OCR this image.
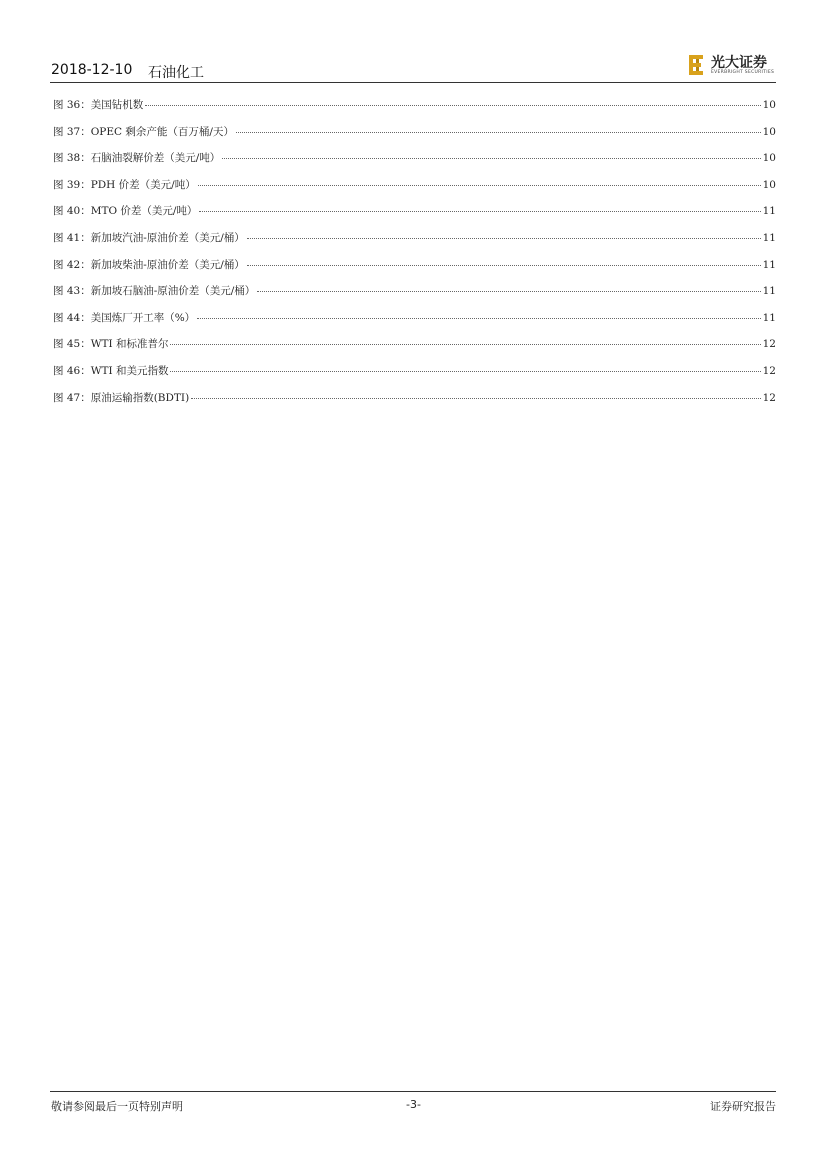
2018-12-10 石油化工
光大证券
EVERBRIGHT SECURITIES
图 36：美国钻机数	10
图 37：OPEC 剩余产能（百万桶/天）	10
图 38：石脑油裂解价差（美元/吨）	10
图 39：PDH 价差（美元/吨）	10
图 40：MTO 价差（美元/吨）	11
图 41：新加坡汽油-原油价差（美元/桶）	11
图 42：新加坡柴油-原油价差（美元/桶）	11
图 43：新加坡石脑油-原油价差（美元/桶）	11
图 44：美国炼厂开工率（%）	11
图 45：WTI 和标准普尔	12
图 46：WTI 和美元指数	12
图 47：原油运输指数(BDTI)	12
敬请参阅最后一页特别声明	-3-	证券研究报告
